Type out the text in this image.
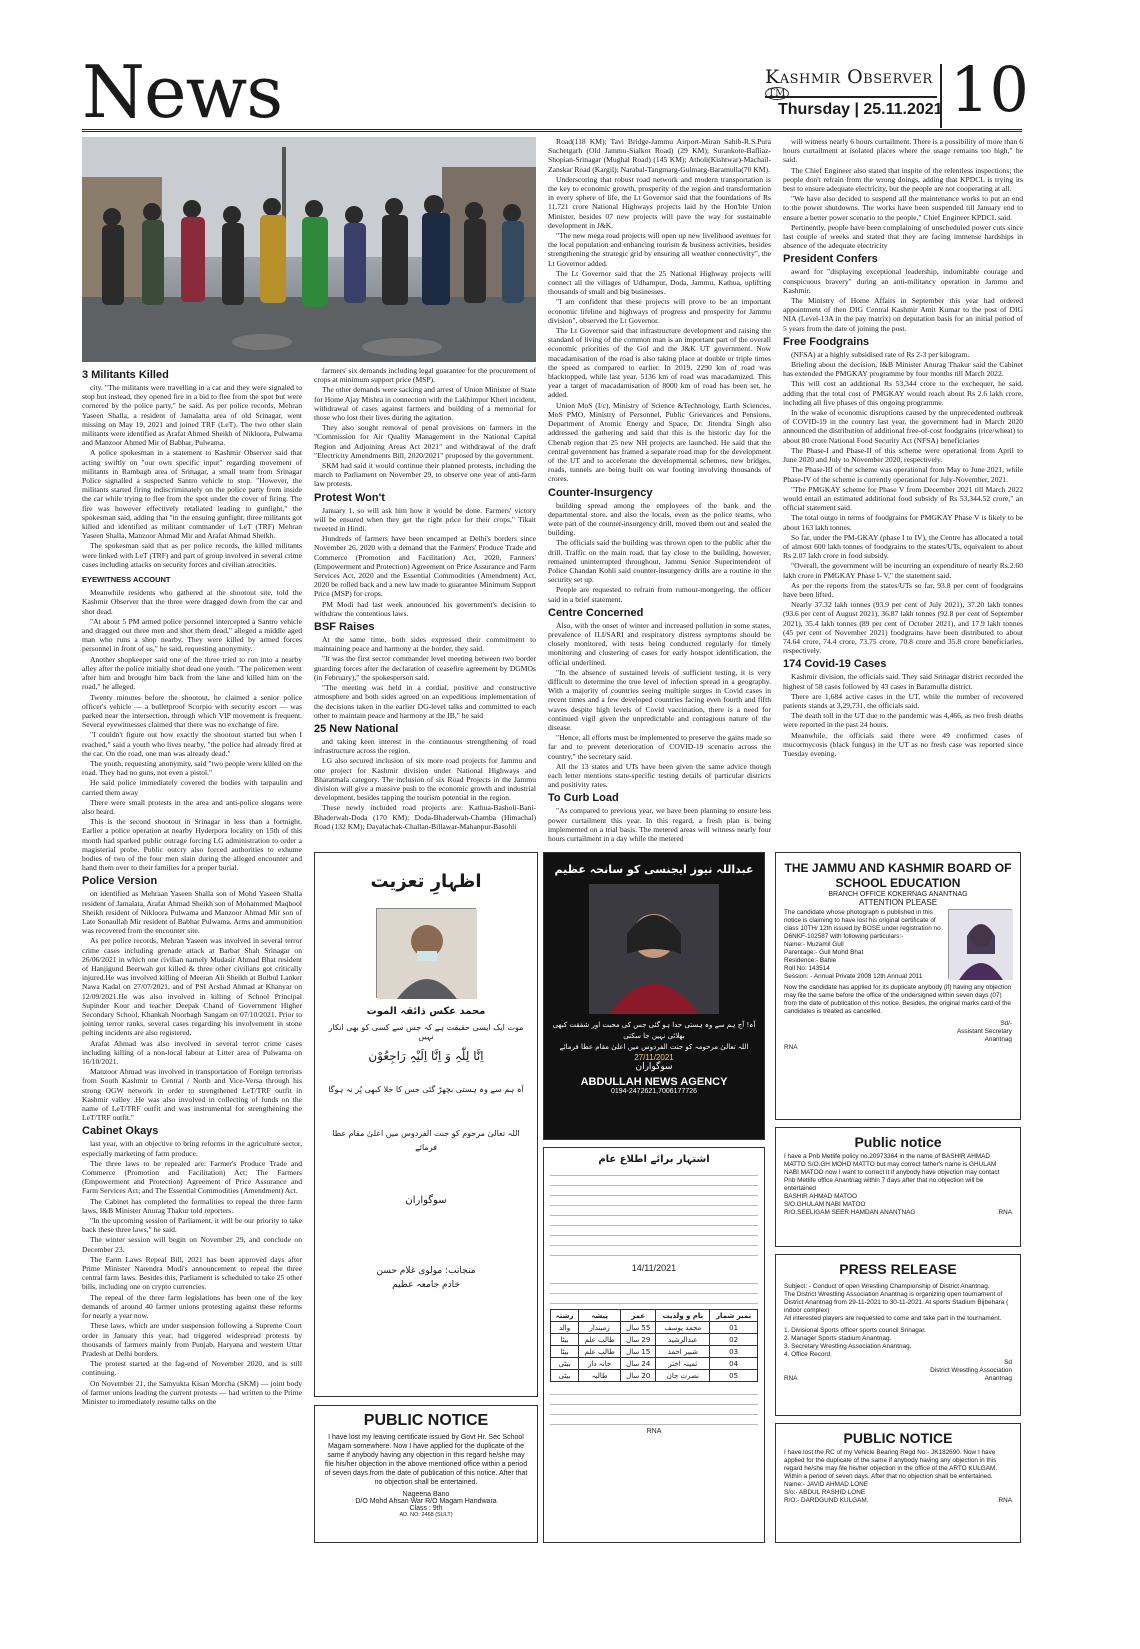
News	Kashmir Observer ™
Thursday | 25.11.2021 10
3 Militants Killed

city. "The militants were travelling in a car and they were signaled to stop but instead, they opened fire in a bid to flee from the spot but were cornered by the police party," he said. As per police records, Mehran Yaseen Shalla, a resident of Jamalatta area of old Srinagar, went missing on May 19, 2021 and joined TRF (LeT). The two other slain militants were identified as Arafat Ahmed Sheikh of Nikloora, Pulwama and Manzoor Ahmed Mir of Babhar, Pulwama.

A police spokesman in a statement to Kashmir Observer said that acting swiftly on "our own specific input" regarding movement of militants in Rambagh area of Srinagar, a small team from Srinagar Police signalled a suspected Santro vehicle to stop. "However, the militants started firing indiscriminately on the police party from inside the car while trying to flee from the spot under the cover of firing. The fire was however effectively retaliated leading to gunfight," the spokesman said, adding that "in the ensuing gunfight, three militants got killed and identified as militant commander of LeT (TRF) Mehran Yaseen Shalla, Manzoor Ahmad Mir and Arafat Ahmad Sheikh.

The spokesman said that as per police records, the killed militants were linked with LeT (TRF) and part of group involved in several crime cases including attacks on security forces and civilian atrocities.

EYEWITNESS ACCOUNT

Meanwhile residents who gathered at the shootout site, told the Kashmir Observer that the three were dragged down from the car and shot dead.

"At about 5 PM armed police personnel intercepted a Santro vehicle and dragged out three men and shot them dead," alleged a middle aged man who runs a shop nearby. They were killed by armed forces personnel in front of us," he said, requesting anonymity.

Another shopkeeper said one of the three tried to run into a nearby alley after the police initially shot dead one youth. "The policemen went after him and brought him back from the lane and killed him on the road," he alleged.

Twenty minutes before the shootout, he claimed a senior police officer's vehicle — a bulletproof Scorpio with security escort — was parked near the intersection, through which VIP movement is frequent. Several eyewitnesses claimed that there was no exchange of fire.

"I couldn't figure out how exactly the shootout started but when I reached," said a youth who lives nearby, "the police had already fired at the car. On the road, one man was already dead."

The youth, requesting anonymity, said "two people were killed on the road. They had no guns, not even a pistol."

He said police immediately covered the bodies with tarpaulin and carried them away

There were small protests in the area and anti-police slogans were also heard.

This is the second shootout in Srinagar in less than a fortnight. Earlier a police operation at nearby Hyderpora locality on 15th of this month had sparked public outrage forcing LG administration to order a magisterial probe. Public outcry also forced authorities to exhume bodies of two of the four men slain during the alleged encounter and hand them over to their families for a proper burial.

Police Version

on identified as Mehraan Yaseen Shalla son of Mohd Yaseen Shalla resident of Jamalata, Arafat Ahmad Sheikh son of Mohammed Maqbool Sheikh resident of Nikloora Pulwama and Manzoor Ahmad Mir son of Late Sonaullah Mir resident of Babhar Pulwama. Arms and ammunition was recovered from the encounter site.

As per police records, Mehran Yaseen was involved in several terror crime cases including grenade attack at Barbar Shah Srinagar on 26/06/2021 in which one civilian namely Mudasir Ahmad Bhat resident of Hanjigund Beerwah got killed & three other civilians got critically injured.He was involved killing of Meeran Ali Sheikh at Bulbul Lanker Nawa Kadal on 27/07/2021, and of PSI Arshad Ahmad at Khanyar on 12/09/2021.He was also involved in killing of School Principal Supinder Kour and teacher Deepak Chand of Government Higher Secondary School, Khankah Noorbagh Sangam on 07/10/2021. Prior to joining terror ranks, several cases regarding his involvement in stone pelting incidents are also registered.

Arafat Ahmad was also involved in several terror crime cases including killing of a non-local labour at Litter area of Pulwama on 16/10/2021.

Manzoor Ahmad was involved in transportation of Foreign terrorists from South Kashmir to Central / North and Vice-Versa through his strong OGW network in order to strengthened LeT/TRF outfit in Kashmir valley .He was also involved in collecting of funds on the name of LeT/TRF outfit and was instrumental for strengthening the LeT/TRF outfit."

Cabinet Okays

last year, with an objective to bring reforms in the agriculture sector, especially marketing of farm produce.

The three laws to be repealed are: Farmer's Produce Trade and Commerce (Promotion and Facilitation) Act; The Farmers (Empowerment and Protection) Agreement of Price Assurance and Farm Services Act; and The Essential Commodities (Amendment) Act.

The Cabinet has completed the formalities to repeal the three farm laws, I&B Minister Anurag Thakur told reporters.

"In the upcoming session of Parliament, it will be our priority to take back these three laws," he said.

The winter session will begin on November 29, and conclude on December 23.

The Farm Laws Repeal Bill, 2021 has been approved days after Prime Minister Narendra Modi's announcement to repeal the three central farm laws. Besides this, Parliament is scheduled to take 25 other bills, including one on crypto currencies.

The repeal of the three farm legislations has been one of the key demands of around 40 farmer unions protesting against these reforms for nearly a year now.

These laws, which are under suspension following a Supreme Court order in January this year, had triggered widespread protests by thousands of farmers mainly from Punjab, Haryana and western Uttar Pradesh at Delhi borders.

The protest started at the fag-end of November 2020, and is still continuing.

On November 21, the Samyukta Kisan Morcha (SKM) — joint body of farmer unions leading the current protests — had written to the Prime Minister to immediately resume talks on the

farmers' six demands including legal guarantee for the procurement of crops at minimum support price (MSP).

The other demands were sacking and arrest of Union Minister of State for Home Ajay Mishra in connection with the Lakhimpur Kheri incident, withdrawal of cases against farmers and building of a memorial for those who lost their lives during the agitation.

They also sought removal of penal provisions on farmers in the "Commission for Air Quality Management in the National Capital Region and Adjoining Areas Act 2021" and withdrawal of the draft "Electricity Amendments Bill, 2020/2021" proposed by the government.

SKM had said it would continue their planned protests, including the march to Parliament on November 29, to observe one year of anti-farm law protests.

Protest Won't

January 1, so will ask him how it would be done. Farmers' victory will be ensured when they get the right price for their crops," Tikait tweeted in Hindi.

Hundreds of farmers have been encamped at Delhi's borders since November 26, 2020 with a demand that the Farmers' Produce Trade and Commerce (Promotion and Facilitation) Act, 2020, Farmers' (Empowerment and Protection) Agreement on Price Assurance and Farm Services Act, 2020 and the Essential Commodities (Amendment) Act, 2020 be rolled back and a new law made to guarantee Minimum Support Price (MSP) for crops.

PM Modi had last week announced his government's decision to withdraw the contentious laws.

BSF Raises

At the same time, both sides expressed their commitment to maintaining peace and harmony at the border, they said.

"It was the first sector commander level meeting between two border guarding forces after the declaration of ceasefire agreement by DGMOs (in February)," the spokesperson said.

"The meeting was held in a cordial, positive and constructive atmosphere and both sides agreed on an expeditious implementation of the decisions taken in the earlier DG-level talks and committed to each other to maintain peace and harmony at the IB," he said

25 New National

and taking keen interest in the continuous strengthening of road infrastructure across the region.

LG also secured inclusion of six more road projects for Jammu and one project for Kashmir division under National Highways and Bharatmala category. The inclusion of six Road Projects in the Jammu division will give a massive push to the economic growth and industrial development, besides tapping the tourism potential in the region.

These newly included road projects are: Kathua-Basholi-Bani-Bhaderwah-Doda (170 KM); Doda-Bhaderwah-Chamba (Himachal) Road (132 KM); Dayalachak-Challan-Billawar-Mahanpur-Basohli

Road(118 KM); Tavi Bridge-Jammu Airport-Miran Sahib-R.S.Pura Suchetgarh (Old Jammu-Sialkot Road) (29 KM); Surankote-Bafliaz-Shopian-Srinagar (Mughal Road) (145 KM); Atholi(Kishtwar)-Machail-Zanskar Road (Kargil); Narabal-Tangmarg-Gulmarg-Baramulla(70 KM).

Underscoring that robust road network and modern transportation is the key to economic growth, prosperity of the region and transformation in every sphere of life, the Lt Governor said that the foundations of Rs 11,721 crore National Highways projects laid by the Hon'ble Union Minister, besides 07 new projects will pave the way for sustainable development in J&K.

"The new mega road projects will open up new livelihood avenues for the local population and enhancing tourism & business activities, besides strengthening the strategic grid by ensuring all weather connectivity", the Lt Governor added.

The Lt Governor said that the 25 National Highway projects will connect all the villages of Udhampur, Doda, Jammu, Kathua, uplifting thousands of small and big businesses.

"I am confident that these projects will prove to be an important economic lifeline and highways of progress and prosperity for Jammu division", observed the Lt Governor.

The Lt Governor said that infrastructure development and raising the standard of living of the common man is an important part of the overall economic priorities of the GoI and the J&K UT government. Now macadamisation of the road is also taking place at double or triple times the speed as compared to earlier. In 2019, 2290 km of road was blacktopped, while last year, 5136 km of road was macadamized. This year a target of macadamisation of 8000 km of road has been set, he added.

Union MoS (I/c), Ministry of Science &Technology, Earth Sciences, MoS PMO, Ministry of Personnel, Public Grievances and Pensions, Department of Atomic Energy and Space, Dr. Jitendra Singh also addressed the gathering and said that this is the historic day for the Chenab region that 25 new NH projects are launched. He said that the central government has framed a separate road map for the development of the UT and to accelerate the developmental schemes, new bridges, roads, tunnels are being built on war footing involving thousands of crores.

Counter-Insurgency

building spread among the employees of the bank and the departmental store, and also the locals, even as the police teams, who were part of the counter-insurgency drill, moved them out and sealed the building.

The officials said the building was thrown open to the public after the drill. Traffic on the main road, that lay close to the building, however, remained uninterrupted throughout, Jammu Senior Superintendent of Police Chandan Kohli said counter-insurgency drills are a routine in the security set up.

People are requested to refrain from rumour-mongering, the officer said in a brief statement.

Centre Concerned

Also, with the onset of winter and increased pollution in some states, prevalence of ILI/SARI and respiratory distress symptoms should be closely monitored, with tests being conducted regularly for timely monitoring and clustering of cases for early hotspot identification, the official underlined.

"In the absence of sustained levels of sufficient testing, it is very difficult to determine the true level of infection spread in a geography. With a majority of countries seeing multiple surges in Covid cases in recent times and a few developed countries facing even fourth and fifth waves despite high levels of Covid vaccination, there is a need for continued vigil given the unpredictable and contagious nature of the disease.

"Hence, all efforts must be implemented to preserve the gains made so far and to prevent deterioration of COVID-19 scenario across the country," the secretary said.

All the 13 states and UTs have been given the same advice though each letter mentions state-specific testing details of particular districts and positivity rates.

To Curb Load

"As compared to previous year, we have been planning to ensure less power curtailment this year. In this regard, a fresh plan is being implemented on a trial basis. The metered areas will witness nearly four hours curtailment in a day while the metered

will witness nearly 6 hours curtailment. There is a possibility of more than 6 hours curtailment at isolated places where the usage remains too high," he said.

The Chief Engineer also stated that inspite of the relentless inspections; the people don't refrain from the wrong doings, adding that KPDCL is trying its best to ensure adequate electricity, but the people are not cooperating at all.

"We have also decided to suspend all the maintenance works to put an end to the power shutdowns. The works have been suspended till January end to ensure a better power scenario to the people," Chief Engineer KPDCL said.

Pertinently, people have been complaining of unscheduled power cuts since last couple of weeks and stated that they are facing immense hardships in absence of the adequate electricity

President Confers

award for "displaying exceptional leadership, indomitable courage and conspicuous bravery" during an anti-militancy operation in Jammu and Kashmir.

The Ministry of Home Affairs in September this year had ordered appointment of then DIG Central Kashmir Amit Kumar to the post of DIG NIA (Level-13A in the pay matrix) on deputation basis for an initial period of 5 years from the date of joining the post.

Free Foodgrains

(NFSA) at a highly subsidised rate of Rs 2-3 per kilogram.

Briefing about the decision, I&B Minister Anurag Thakur said the Cabinet has extended the PMGKAY programme by four months till March 2022.

This will cost an additional Rs 53,344 crore to the exchequer, he said, adding that the total cost of PMGKAY would reach about Rs 2.6 lakh crore, including all five phases of this ongoing programme.

In the wake of economic disruptions caused by the unprecedented outbreak of COVID-19 in the country last year, the government had in March 2020 announced the distribution of additional free-of-cost foodgrains (rice/wheat) to about 80 crore National Food Security Act (NFSA) beneficiaries

The Phase-I and Phase-II of this scheme were operational from April to June 2020 and July to November 2020, respectively.

The Phase-III of the scheme was operational from May to June 2021, while Phase-IV of the scheme is currently operational for July-November, 2021.

"The PMGKAY scheme for Phase V from December 2021 till March 2022 would entail an estimated additional food subsidy of Rs 53,344.52 crore," an official statement said.

The total outgo in terms of foodgrains for PMGKAY Phase V is likely to be about 163 lakh tonnes.

So far, under the PM-GKAY (phase I to IV), the Centre has allocated a total of almost 600 lakh tonnes of foodgrains to the states/UTs, equivalent to about Rs 2.07 lakh crore in food subsidy.

"Overall, the government will be incurring an expenditure of nearly Rs.2.60 lakh crore in PMGKAY Phase I- V," the statement said.

As per the reports from the states/UTs so far, 93.8 per cent of foodgrains have been lifted.

Nearly 37.32 lakh tonnes (93.9 per cent of July 2021), 37.20 lakh tonnes (93.6 per cent of August 2021), 36.87 lakh tonnes (92.8 per cent of September 2021), 35.4 lakh tonnes (89 per cent of October 2021), and 17.9 lakh tonnes (45 per cent of November 2021) foodgrains have been distributed to about 74.64 crore, 74.4 crore, 73.75 crore, 70.8 crore and 35.8 crore beneficiaries, respectively.

174 Covid-19 Cases

Kashmir division, the officials said. They said Srinagar district recorded the highest of 58 cases followed by 43 cases in Baramulla district.

There are 1,684 active cases in the UT, while the number of recovered patients stands at 3,29,731, the officials said.

The death toll in the UT due to the pandemic was 4,466, as two fresh deaths were reported in the past 24 hours.

Meanwhile, the officials said there were 49 confirmed cases of mucormycosis (black fungus) in the UT as no fresh case was reported since Tuesday evening.

اظہارِ تعزیت
محمد عکس ذائقہ الموت
موت ایک ایسی حقیقت ہے کہ جس سے کسی کو بھی انکار نہیں
اِنَّا لِلّٰہِ وَ اِنَّا اِلَیْہِ رَاجِعُوْن
آہ ہم سے وہ ہستی بچھڑ گئی جس کا خلا کبھی پُر نہ ہوگا
اللہ تعالیٰ مرحوم کو جنت الفردوس میں اعلیٰ مقام عطا فرمائے
سوگواران
منجانب: مولوی غلام حسن
خادم جامعہ عظیم
PUBLIC NOTICE
I have lost my leaving certificate issued by Govt Hr. Sec School Magam somewhere. Now I have applied for the duplicate of the same if anybody having any objection in this regard he/she may file his/her objection in the above mentioned office within a period of seven days from the date of publication of this notice. After that no objection shall be entertained.
Nageena Bano
D/O Mohd Ahsan War R/O Magam Handwara
Class : 9th
AD. NO: 2468 (SULT)
عبداللہ نیوز ایجنسی کو سانحہ عظیم
آہ! آج ہم سے وہ ہستی جدا ہو گئی جس کی محبت اور شفقت کبھی بھلائی نہیں جا سکتی
اللہ تعالیٰ مرحومہ کو جنت الفردوس میں اعلیٰ مقام عطا فرمائے
27/11/2021
سوگواران
ABDULLAH NEWS AGENCY
0194-2472621,7006177726
اشتہار برائے اطلاع عام
14/11/2021
نمبر شمار	نام و ولدیت	عمر	پیشہ	رشتہ
01	محمد یوسف	55 سال	زمیندار	والد
02	عبدالرشید	29 سال	طالب علم	بیٹا
03	شبیر احمد	15 سال	طالب علم	بیٹا
04	ثمینہ اختر	24 سال	خانہ دار	بیٹی
05	نصرت جان	20 سال	طالبہ	بیٹی
RNA
THE JAMMU AND KASHMIR BOARD OF SCHOOL EDUCATION
BRANCH OFFICE KOKERNAG ANANTNAG
ATTENTION PLEASE
The candidate whose photograph is published in this notice is claiming to have lost his original certificate of class 10TH/ 12th issued by BOSE under registration no D6NKF-102587 with following particulars:-
Name:- Muzamil Gull
Parentage:- Gull Mohd Bhat
Residence:- Bahie
Roll No: 143514
Session: - Annual Private 2008 12th Annual 2011
Now the candidate has applied for its duplicate anybody (if) having any objection may file the same before the office of the undersigned within seven days (07) from the date of publication of this notice. Besides, the original marks card of the candidates is treated as cancelled.
Sd/-
Assistant Secretary
Anantnag
RNA
Public notice
I have a Pnb Metlife policy no.20973364 in the name of BASHIR AHMAD MATTO S/O.GH MOHD MATTO but may correct father's name is GHULAM NABI MATOO now I want to correct it if anybody have objection may contact Pnb Metlife office Anantnag within 7 days after that no objection will be entertained
BASHIR AHMAD MATOO
S/O.GHULAM NABI MATOO
R/O.SEELIGAM SEER HAMDAN ANANTNAG	RNA
PRESS RELEASE
Subject: - Conduct of open Wrestling Championship of District Anantnag.
The District Wrestling Association Anantnag is organizing open tournament of District Anantnag from 29-11-2021 to 30-11-2021. At sports Stadium Bijbehara ( indoor complex)
All interested players are requested to come and take part in the tournament.
1. Divisional Sports officer sports council Srinagar.
2. Manager Sports stadium Anantnag.
3. Secretary Wrestling Association Anantnag.
4. Office Record.
Sd
District Wrestling Association
RNA	Anantnag
PUBLIC NOTICE
I have lost the RC of my Vehicle Bearing Regd No:- JK182690. Now I have applied for the duplicate of the same if anybody having any objection in this regard he/she may file his/her objection in the office of the ARTO KULGAM. Within a period of seven days. After that no objection shall be entertained.
Name:- JAVID AHMAD LONE
S/o:- ABDUL RASHID LONE
R/O:- DARDGUND KULGAM.	RNA
